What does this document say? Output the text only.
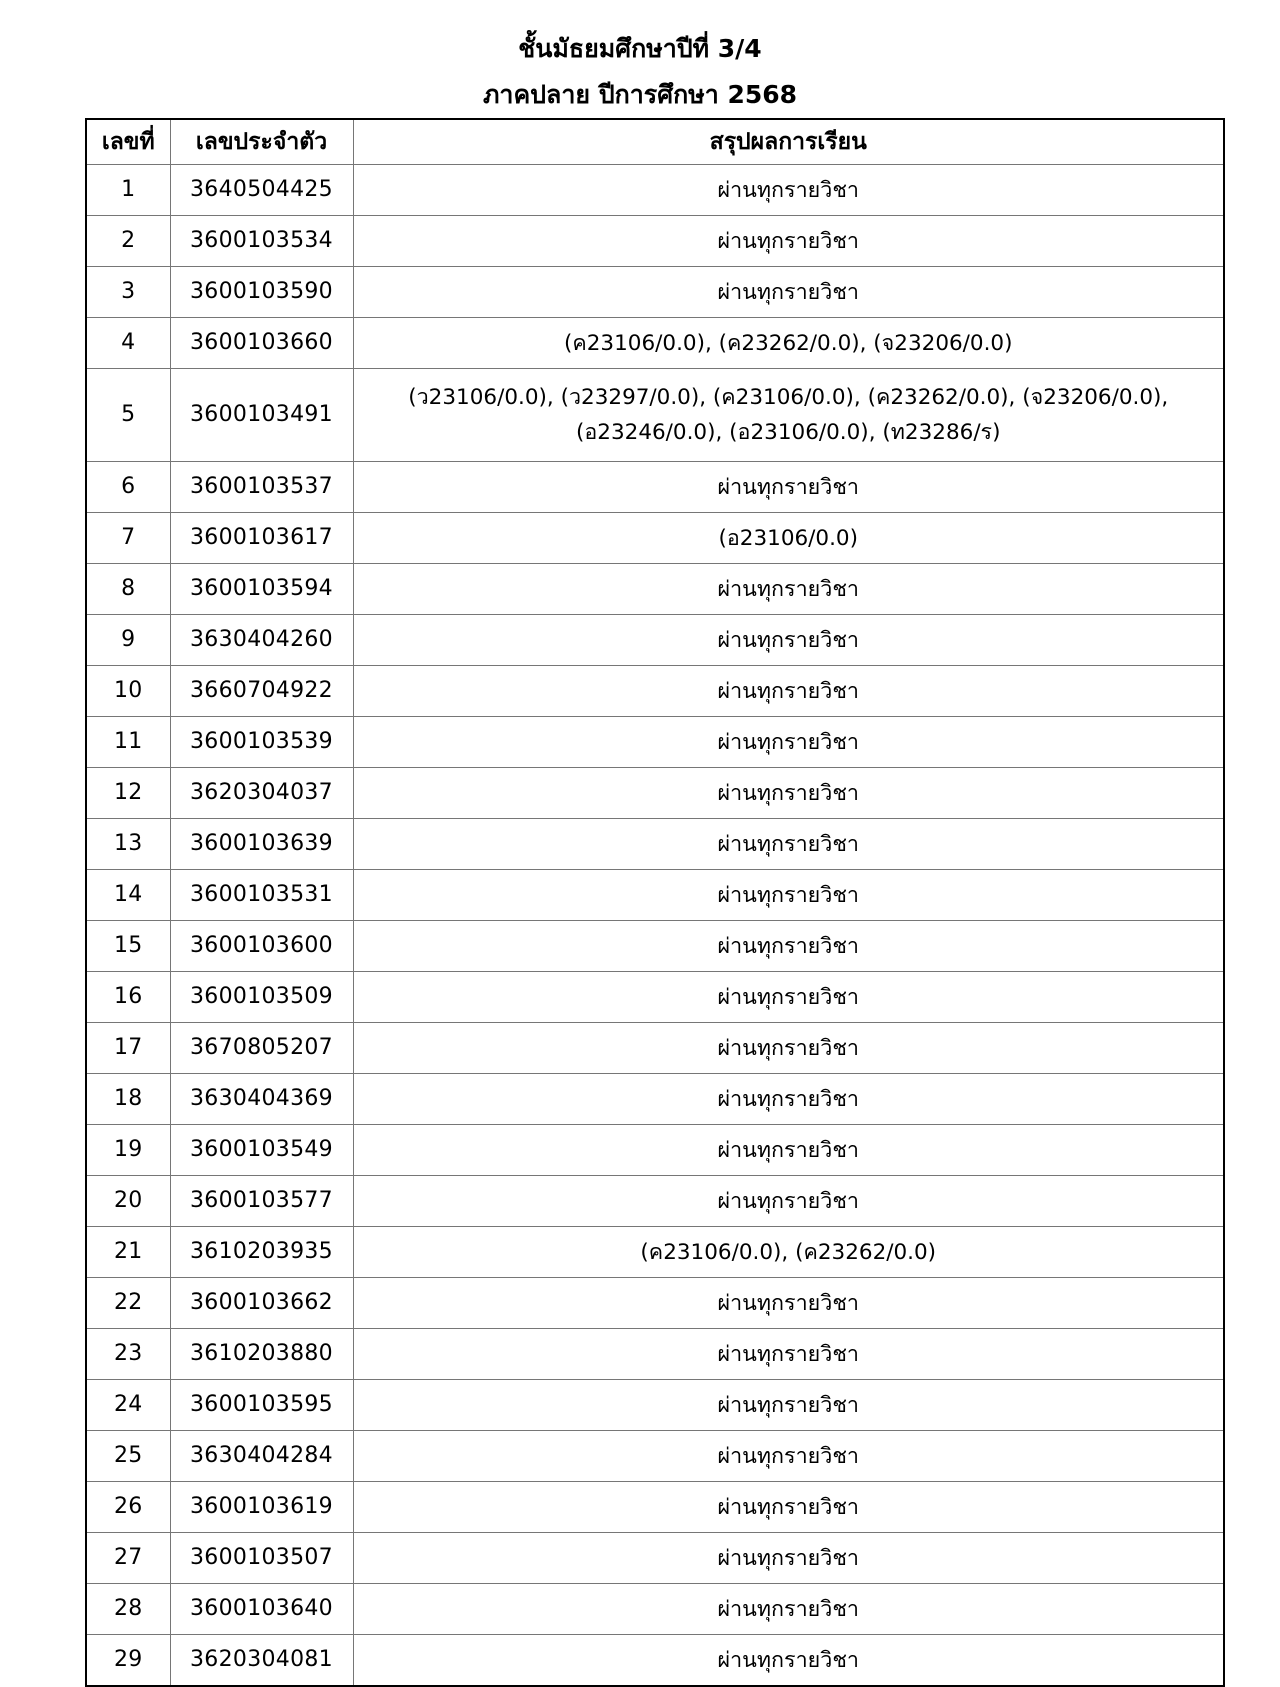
ชั้นมัธยมศึกษาปีที่ 3/4
ภาคปลาย ปีการศึกษา 2568
เลขที่	เลขประจำตัว	สรุปผลการเรียน
1	3640504425	ผ่านทุกรายวิชา
2	3600103534	ผ่านทุกรายวิชา
3	3600103590	ผ่านทุกรายวิชา
4	3600103660	(ค23106/0.0), (ค23262/0.0), (จ23206/0.0)
5	3600103491	(ว23106/0.0), (ว23297/0.0), (ค23106/0.0), (ค23262/0.0), (จ23206/0.0), (อ23246/0.0), (อ23106/0.0), (ท23286/ร)
6	3600103537	ผ่านทุกรายวิชา
7	3600103617	(อ23106/0.0)
8	3600103594	ผ่านทุกรายวิชา
9	3630404260	ผ่านทุกรายวิชา
10	3660704922	ผ่านทุกรายวิชา
11	3600103539	ผ่านทุกรายวิชา
12	3620304037	ผ่านทุกรายวิชา
13	3600103639	ผ่านทุกรายวิชา
14	3600103531	ผ่านทุกรายวิชา
15	3600103600	ผ่านทุกรายวิชา
16	3600103509	ผ่านทุกรายวิชา
17	3670805207	ผ่านทุกรายวิชา
18	3630404369	ผ่านทุกรายวิชา
19	3600103549	ผ่านทุกรายวิชา
20	3600103577	ผ่านทุกรายวิชา
21	3610203935	(ค23106/0.0), (ค23262/0.0)
22	3600103662	ผ่านทุกรายวิชา
23	3610203880	ผ่านทุกรายวิชา
24	3600103595	ผ่านทุกรายวิชา
25	3630404284	ผ่านทุกรายวิชา
26	3600103619	ผ่านทุกรายวิชา
27	3600103507	ผ่านทุกรายวิชา
28	3600103640	ผ่านทุกรายวิชา
29	3620304081	ผ่านทุกรายวิชา
